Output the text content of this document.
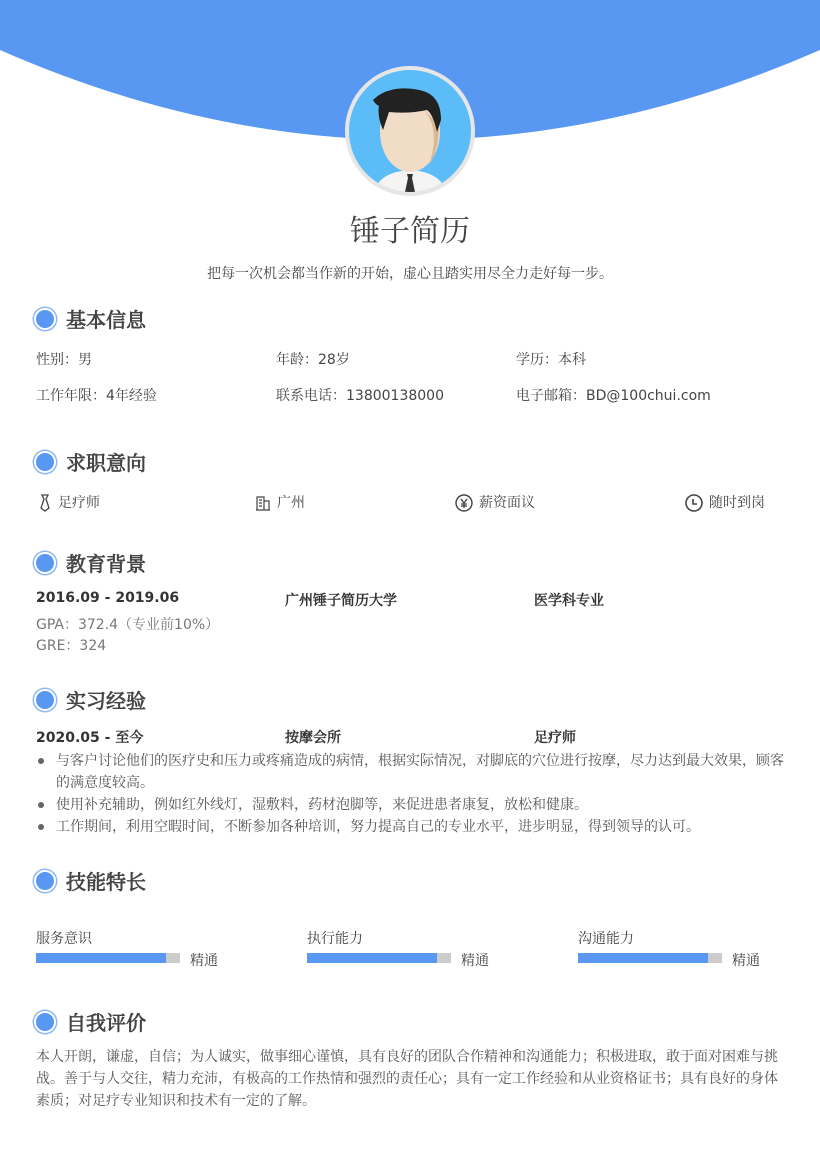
锤子简历
把每一次机会都当作新的开始，虚心且踏实用尽全力走好每一步。
基本信息
性别：男	年龄：28岁	学历：本科
工作年限：4年经验	联系电话：13800138000	电子邮箱：BD@100chui.com
求职意向
足疗师	广州	薪资面议	随时到岗
教育背景
2016.09 - 2019.06	广州锤子简历大学	医学科专业
GPA：372.4（专业前10%）
GRE：324
实习经验
2020.05 - 至今	按摩会所	足疗师
与客户讨论他们的医疗史和压力或疼痛造成的病情，根据实际情况，对脚底的穴位进行按摩，尽力达到最大效果，顾客的满意度较高。
使用补充辅助，例如红外线灯，湿敷料，药材泡脚等，来促进患者康复，放松和健康。
工作期间，利用空暇时间，不断参加各种培训，努力提高自己的专业水平，进步明显，得到领导的认可。
技能特长
服务意识
精通
执行能力
精通
沟通能力
精通
自我评价
本人开朗，谦虚，自信；为人诚实，做事细心谨慎，具有良好的团队合作精神和沟通能力；积极进取，敢于面对困难与挑战。善于与人交往，精力充沛，有极高的工作热情和强烈的责任心；具有一定工作经验和从业资格证书；具有良好的身体素质；对足疗专业知识和技术有一定的了解。
